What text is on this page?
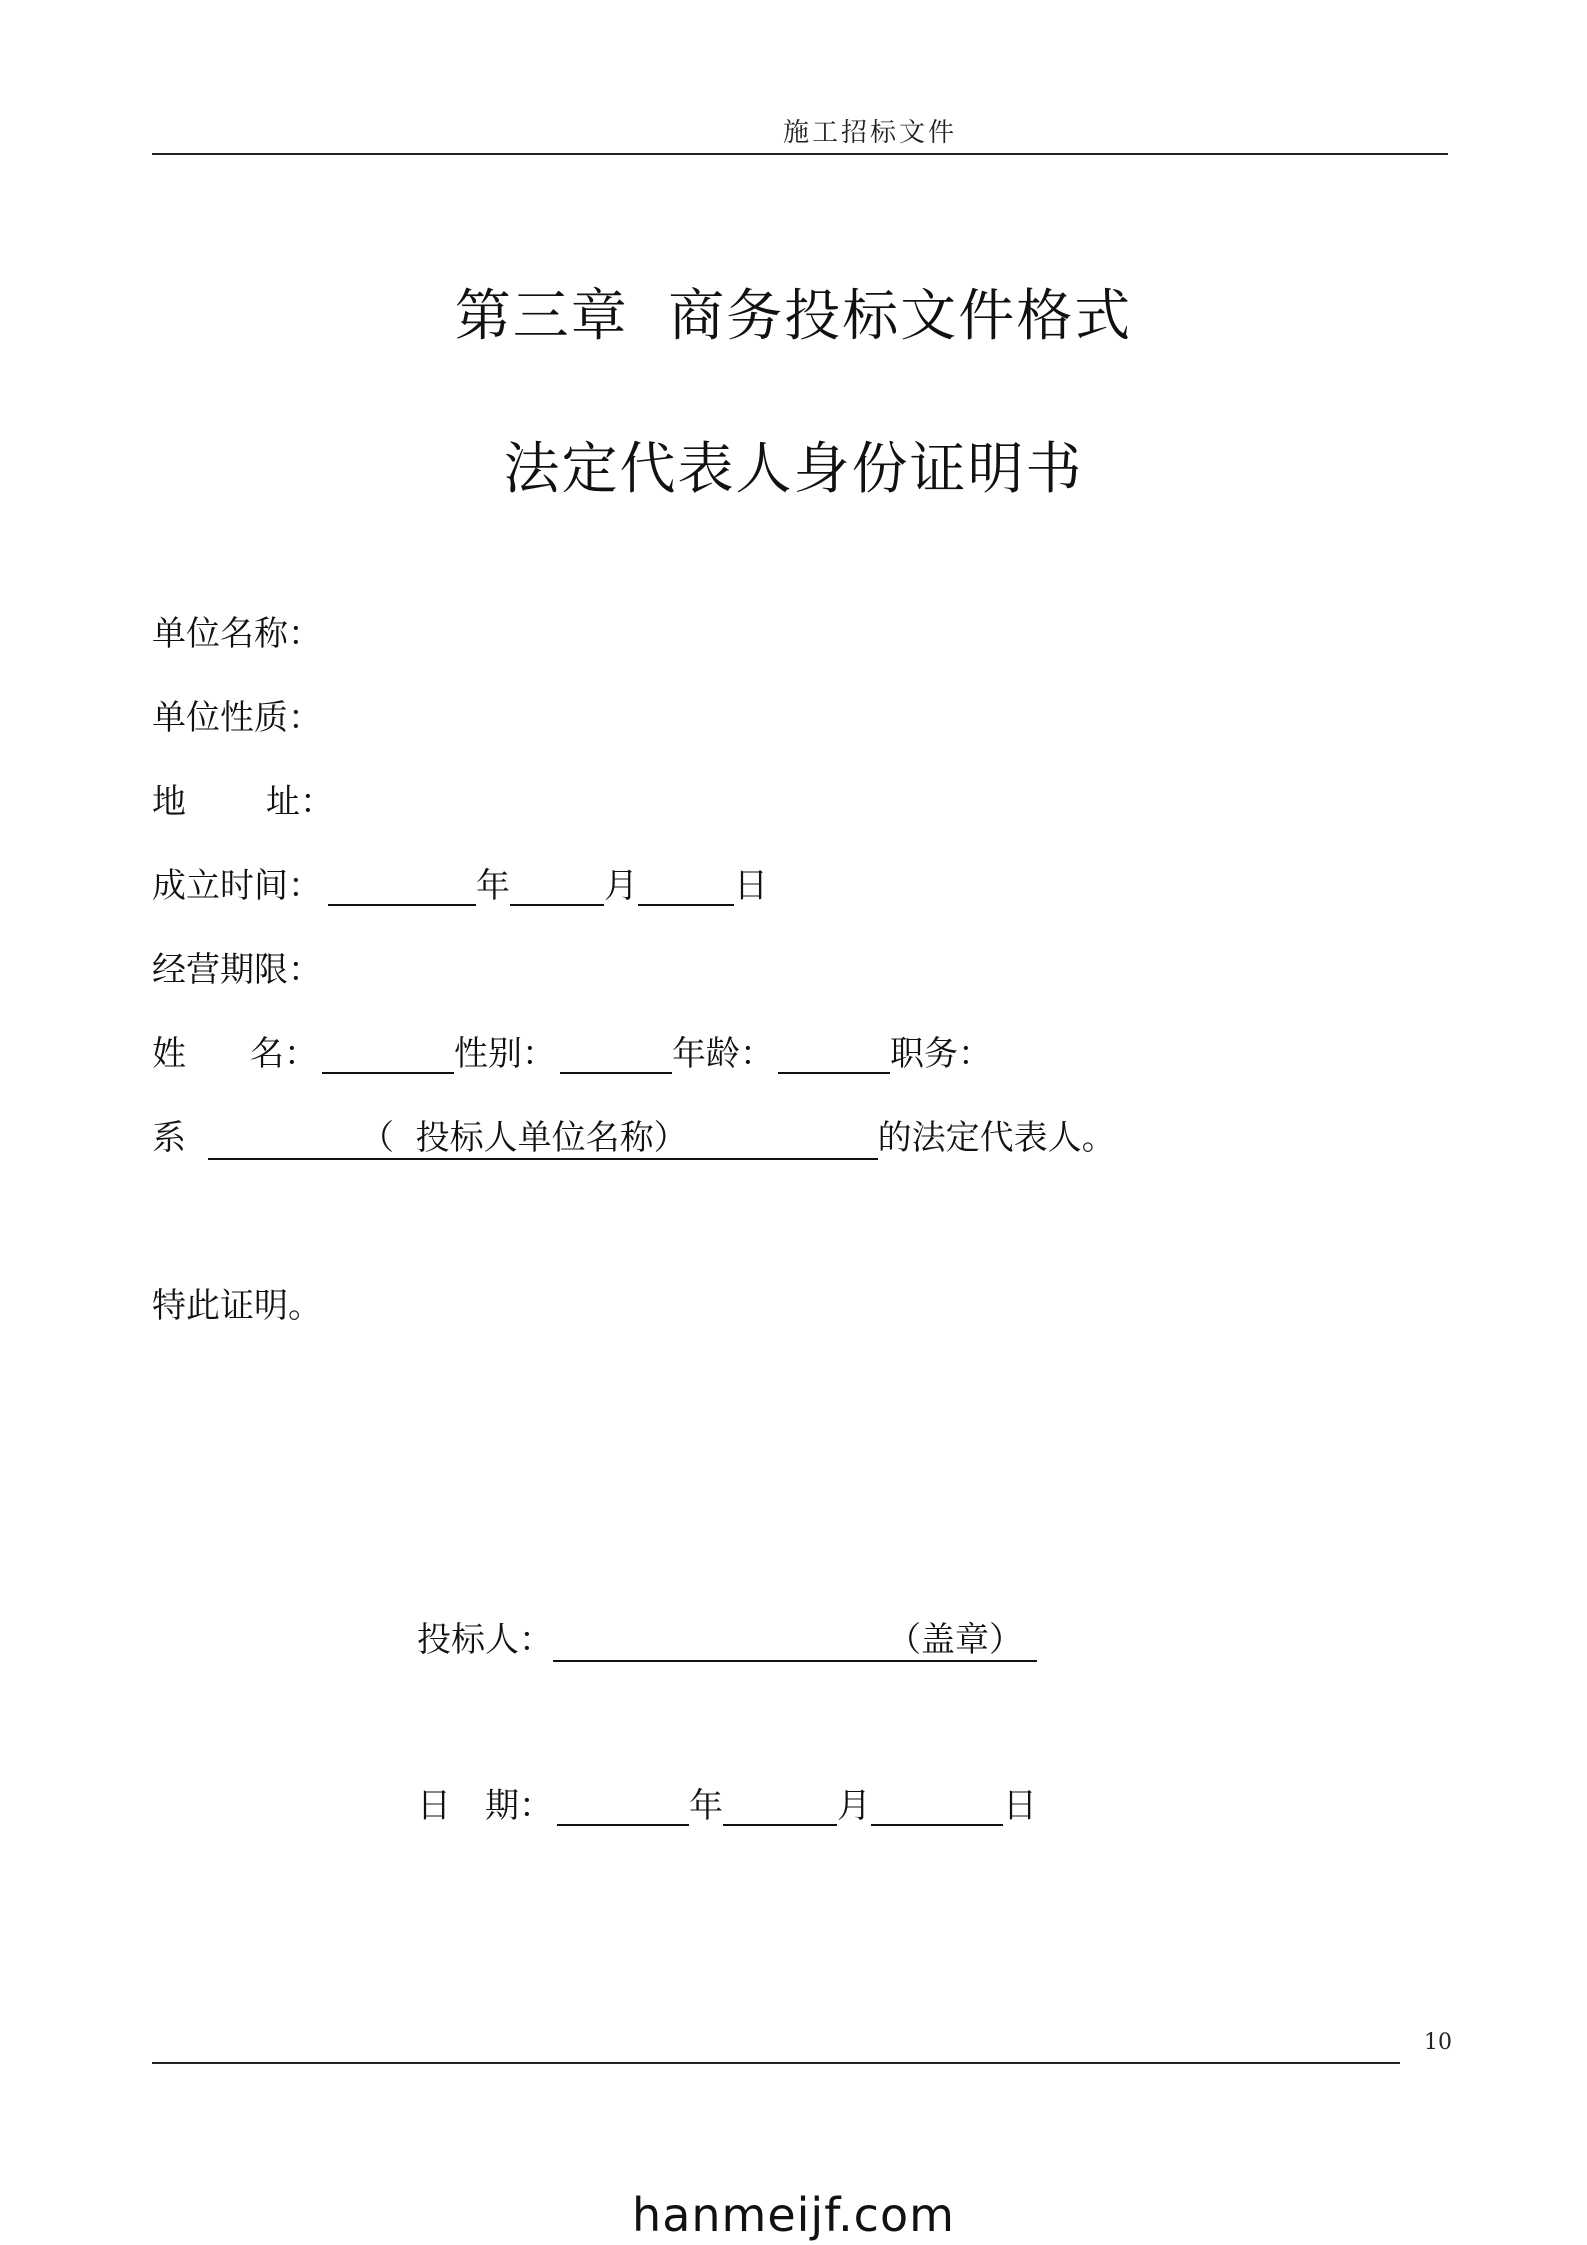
施工招标文件
第三章  商务投标文件格式
法定代表人身份证明书
单位名称：
单位性质：
地 址：
成立时间：	年	月	日
经营期限：
姓 名：	性别：	年龄：	职务：
系	（  投标人单位名称）	的法定代表人。
特此证明。
投标人：	（盖章）
日 期：	年	月	日
10
hanmeijf.com
